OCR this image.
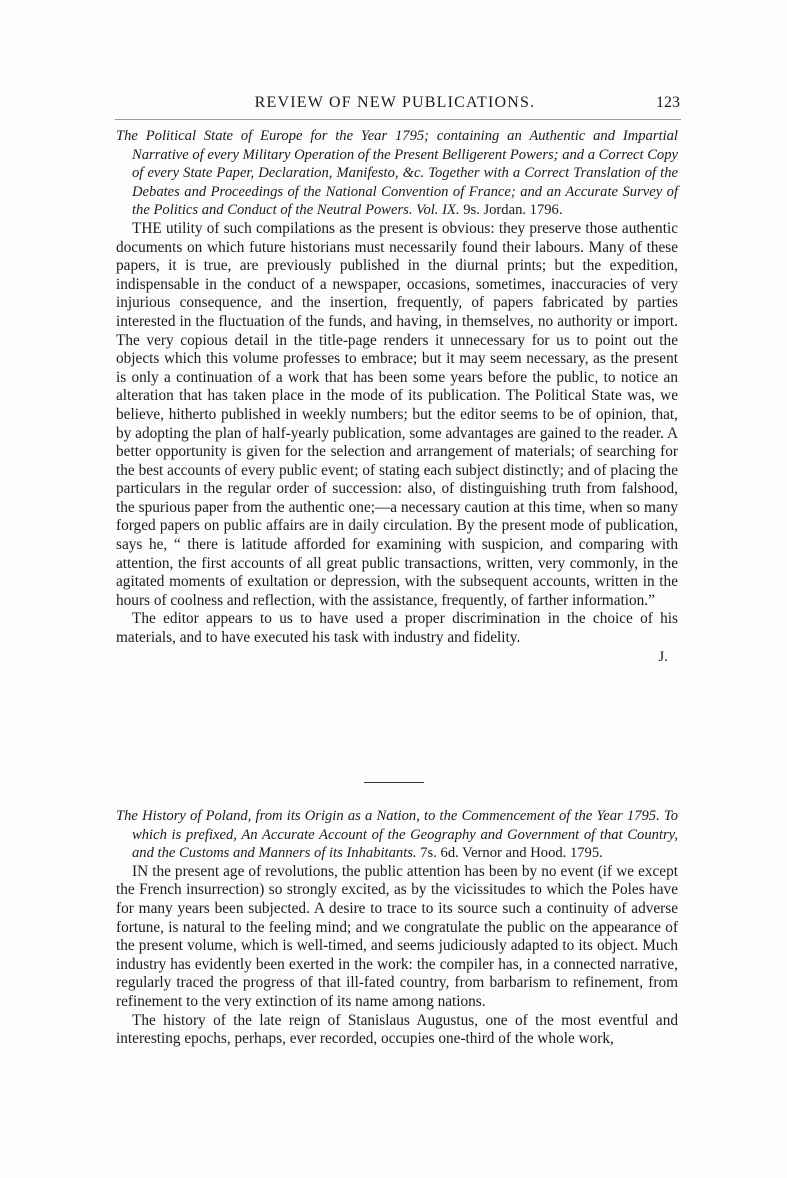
REVIEW OF NEW PUBLICATIONS.	123

The Political State of Europe for the Year 1795; containing an Authentic and Impartial Narrative of every Military Operation of the Present Belligerent Powers; and a Correct Copy of every State Paper, Declaration, Manifesto, &c. Together with a Correct Translation of the Debates and Proceedings of the National Convention of France; and an Accurate Survey of the Politics and Conduct of the Neutral Powers. Vol. IX. 9s. Jordan. 1796.

THE utility of such compilations as the present is obvious: they preserve those authentic documents on which future historians must necessarily found their labours. Many of these papers, it is true, are previously published in the diurnal prints; but the expedition, indispensable in the conduct of a newspaper, occasions, sometimes, inaccuracies of very injurious consequence, and the insertion, frequently, of papers fabricated by parties interested in the fluctuation of the funds, and having, in themselves, no authority or import. The very copious detail in the title-page renders it unnecessary for us to point out the objects which this volume professes to embrace; but it may seem necessary, as the present is only a continuation of a work that has been some years before the public, to notice an alteration that has taken place in the mode of its publication. The Political State was, we believe, hitherto published in weekly numbers; but the editor seems to be of opinion, that, by adopting the plan of half-yearly publication, some advantages are gained to the reader. A better opportunity is given for the selection and arrangement of materials; of searching for the best accounts of every public event; of stating each subject distinctly; and of placing the particulars in the regular order of succession: also, of distinguishing truth from falshood, the spurious paper from the authentic one;—a necessary caution at this time, when so many forged papers on public affairs are in daily circulation. By the present mode of publication, says he, “ there is latitude afforded for examining with suspicion, and comparing with attention, the first accounts of all great public transactions, written, very commonly, in the agitated moments of exultation or depression, with the subsequent accounts, written in the hours of coolness and reflection, with the assistance, frequently, of farther information.”

The editor appears to us to have used a proper discrimination in the choice of his materials, and to have executed his task with industry and fidelity.

J.

The History of Poland, from its Origin as a Nation, to the Commencement of the Year 1795. To which is prefixed, An Accurate Account of the Geography and Government of that Country, and the Customs and Manners of its Inhabitants. 7s. 6d. Vernor and Hood. 1795.

IN the present age of revolutions, the public attention has been by no event (if we except the French insurrection) so strongly excited, as by the vicissitudes to which the Poles have for many years been subjected. A desire to trace to its source such a continuity of adverse fortune, is natural to the feeling mind; and we congratulate the public on the appearance of the present volume, which is well-timed, and seems judiciously adapted to its object. Much industry has evidently been exerted in the work: the compiler has, in a connected narrative, regularly traced the progress of that ill-fated country, from barbarism to refinement, from refinement to the very extinction of its name among nations.

The history of the late reign of Stanislaus Augustus, one of the most eventful and interesting epochs, perhaps, ever recorded, occupies one-third of the whole work,
